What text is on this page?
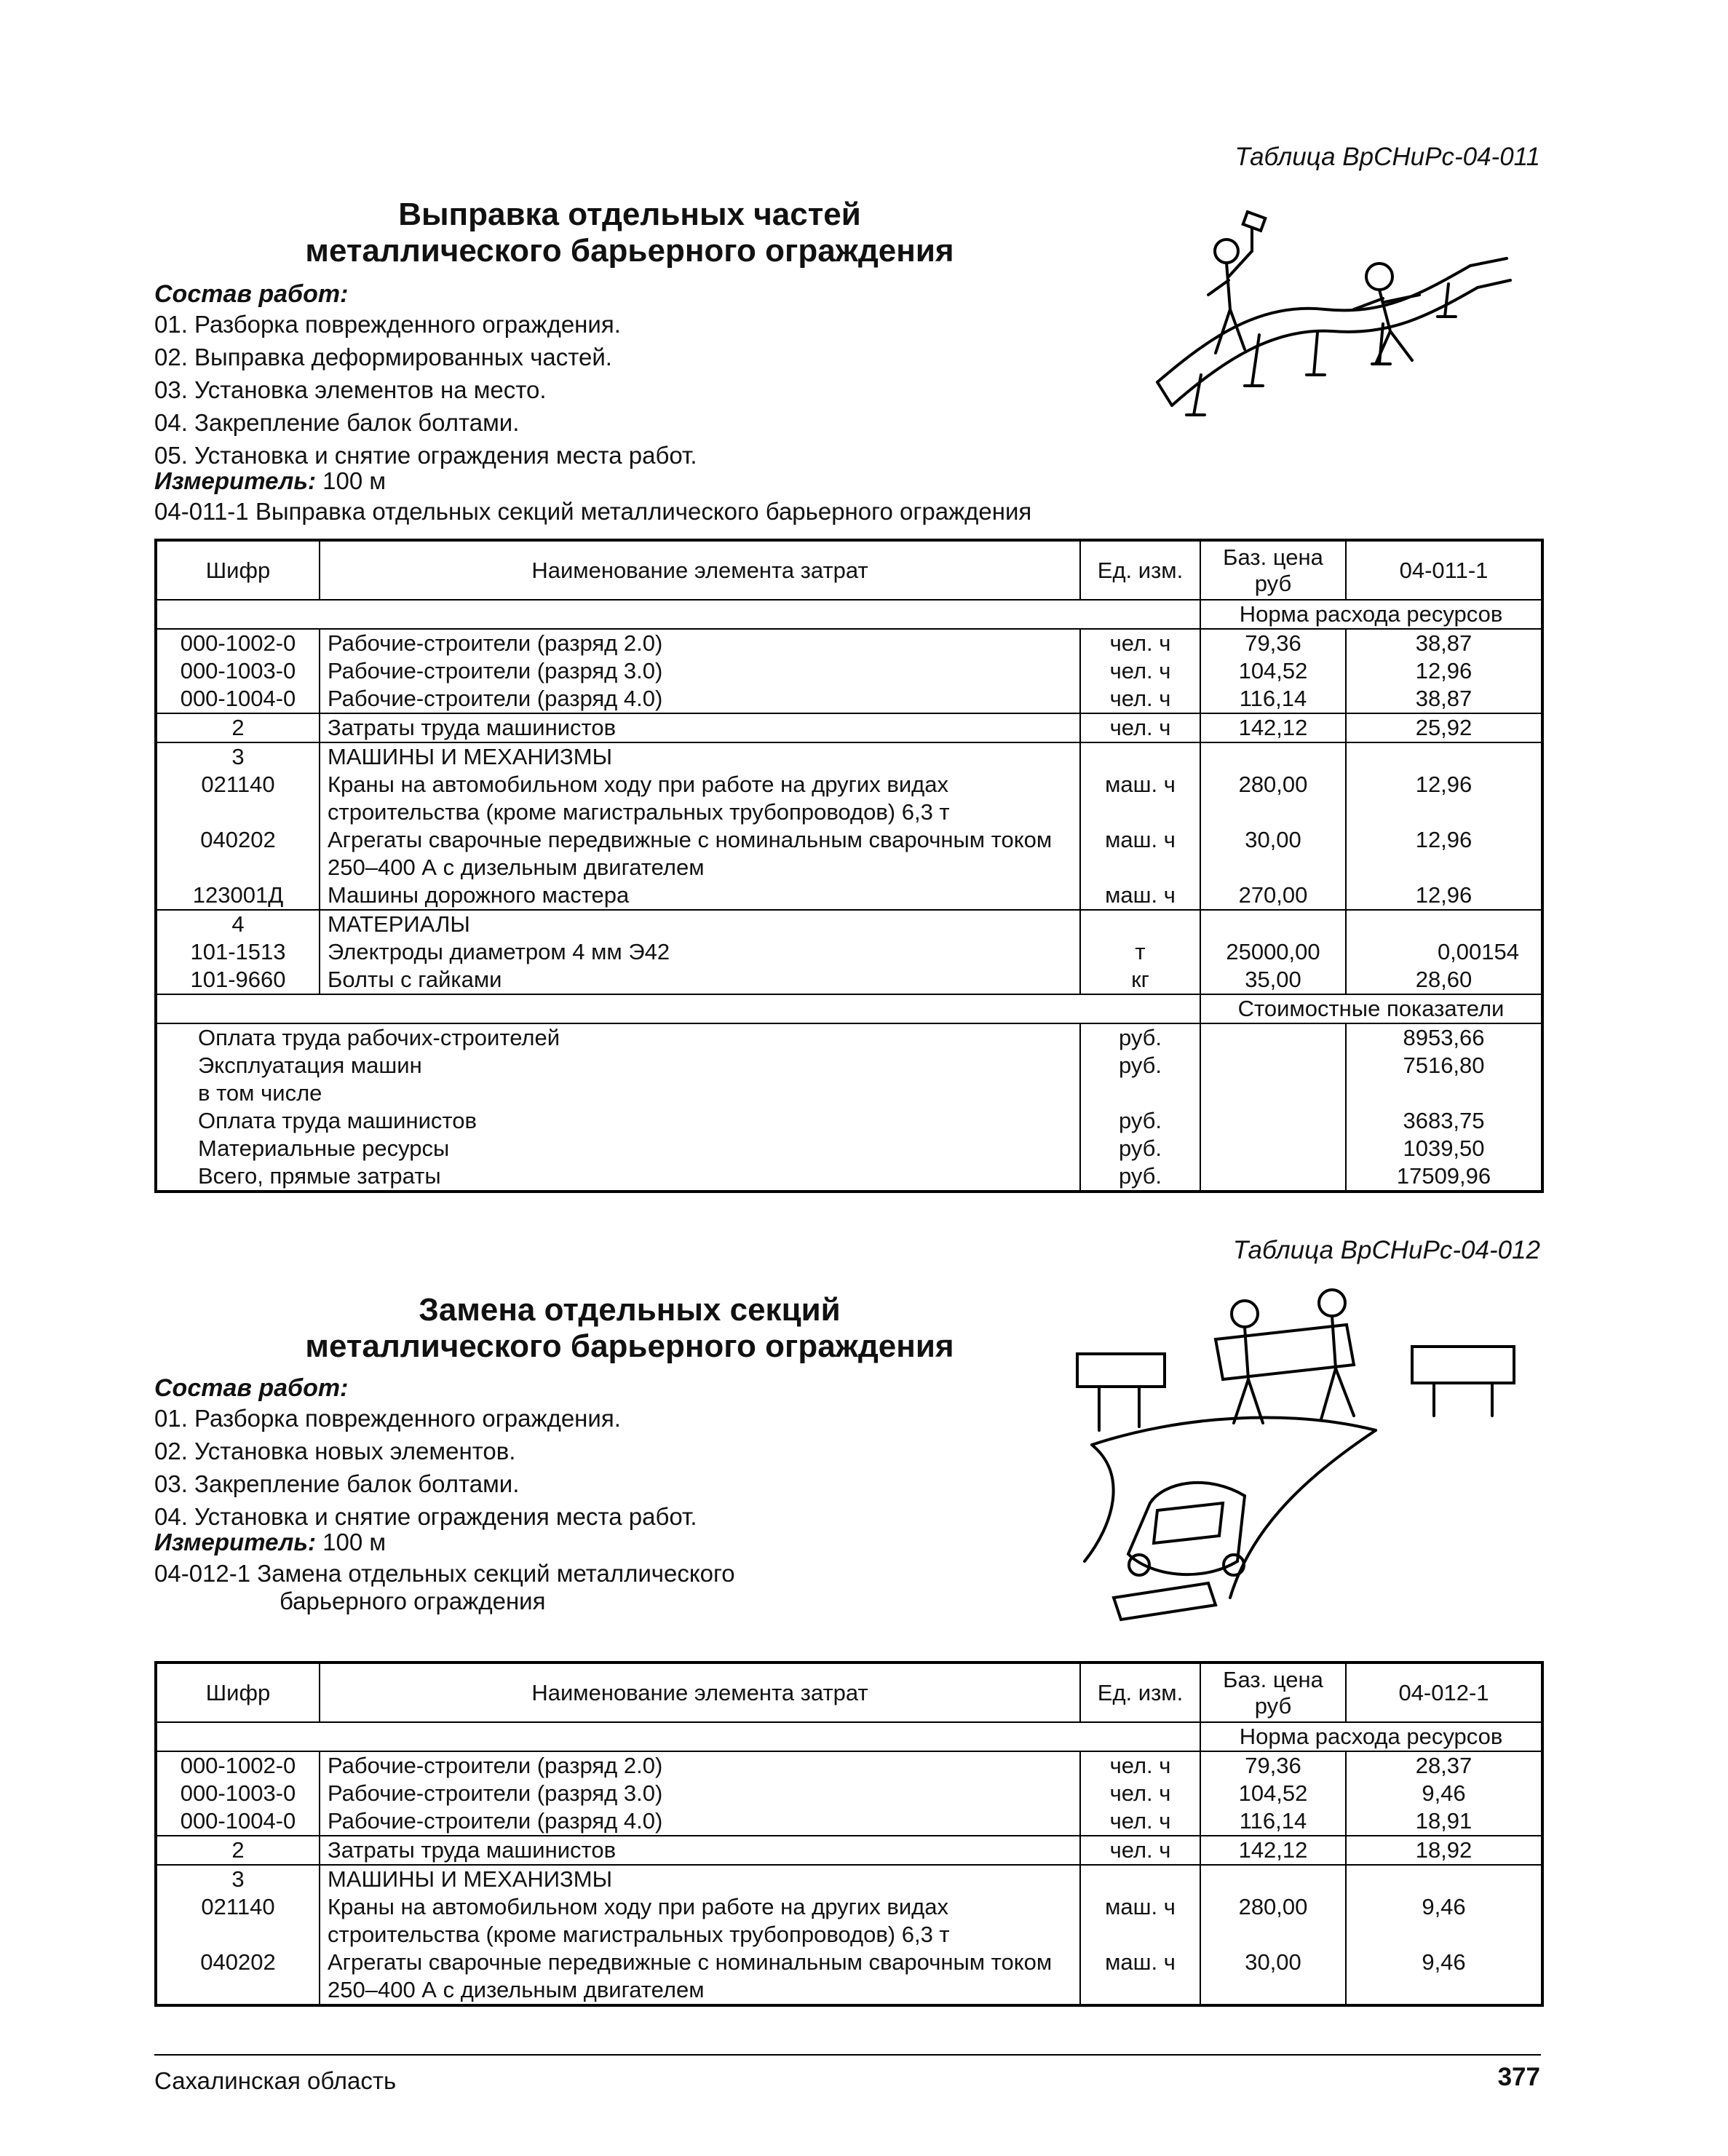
Таблица ВрСНиРс-04-011
Выправка отдельных частей
металлического барьерного ограждения
Состав работ:
01. Разборка поврежденного ограждения.
02. Выправка деформированных частей.
03. Установка элементов на место.
04. Закрепление балок болтами.
05. Установка и снятие ограждения места работ.
Измеритель: 100 м
04-011-1 Выправка отдельных секций металлического барьерного ограждения
Шифр	Наименование элемента затрат	Ед. изм.	Баз. цена руб	04-011-1
			Норма расхода ресурсов	
000-1002-0	Рабочие-строители (разряд 2.0)	чел. ч	79,36	38,87
000-1003-0	Рабочие-строители (разряд 3.0)	чел. ч	104,52	12,96
000-1004-0	Рабочие-строители (разряд 4.0)	чел. ч	116,14	38,87
2	Затраты труда машинистов	чел. ч	142,12	25,92
3	МАШИНЫ И МЕХАНИЗМЫ			
021140	Краны на автомобильном ходу при работе на других видах строительства (кроме магистральных трубопроводов) 6,3 т	маш. ч	280,00	12,96
040202	Агрегаты сварочные передвижные с номинальным сварочным током 250–400 А с дизельным двигателем	маш. ч	30,00	12,96
123001Д	Машины дорожного мастера	маш. ч	270,00	12,96
4	МАТЕРИАЛЫ			
101-1513	Электроды диаметром 4 мм Э42	т	25000,00	0,00154
101-9660	Болты с гайками	кг	35,00	28,60
			Стоимостные показатели	
Оплата труда рабочих-строителей		руб.		8953,66
Эксплуатация машин		руб.		7516,80
в том числе				
Оплата труда машинистов		руб.		3683,75
Материальные ресурсы		руб.		1039,50
Всего, прямые затраты		руб.		17509,96
Таблица ВрСНиРс-04-012
Замена отдельных секций
металлического барьерного ограждения
Состав работ:
01. Разборка поврежденного ограждения.
02. Установка новых элементов.
03. Закрепление балок болтами.
04. Установка и снятие ограждения места работ.
Измеритель: 100 м
04-012-1 Замена отдельных секций металлического
барьерного ограждения
Шифр	Наименование элемента затрат	Ед. изм.	Баз. цена руб	04-012-1
			Норма расхода ресурсов	
000-1002-0	Рабочие-строители (разряд 2.0)	чел. ч	79,36	28,37
000-1003-0	Рабочие-строители (разряд 3.0)	чел. ч	104,52	9,46
000-1004-0	Рабочие-строители (разряд 4.0)	чел. ч	116,14	18,91
2	Затраты труда машинистов	чел. ч	142,12	18,92
3	МАШИНЫ И МЕХАНИЗМЫ			
021140	Краны на автомобильном ходу при работе на других видах строительства (кроме магистральных трубопроводов) 6,3 т	маш. ч	280,00	9,46
040202	Агрегаты сварочные передвижные с номинальным сварочным током 250–400 А с дизельным двигателем	маш. ч	30,00	9,46
Сахалинская область	377
